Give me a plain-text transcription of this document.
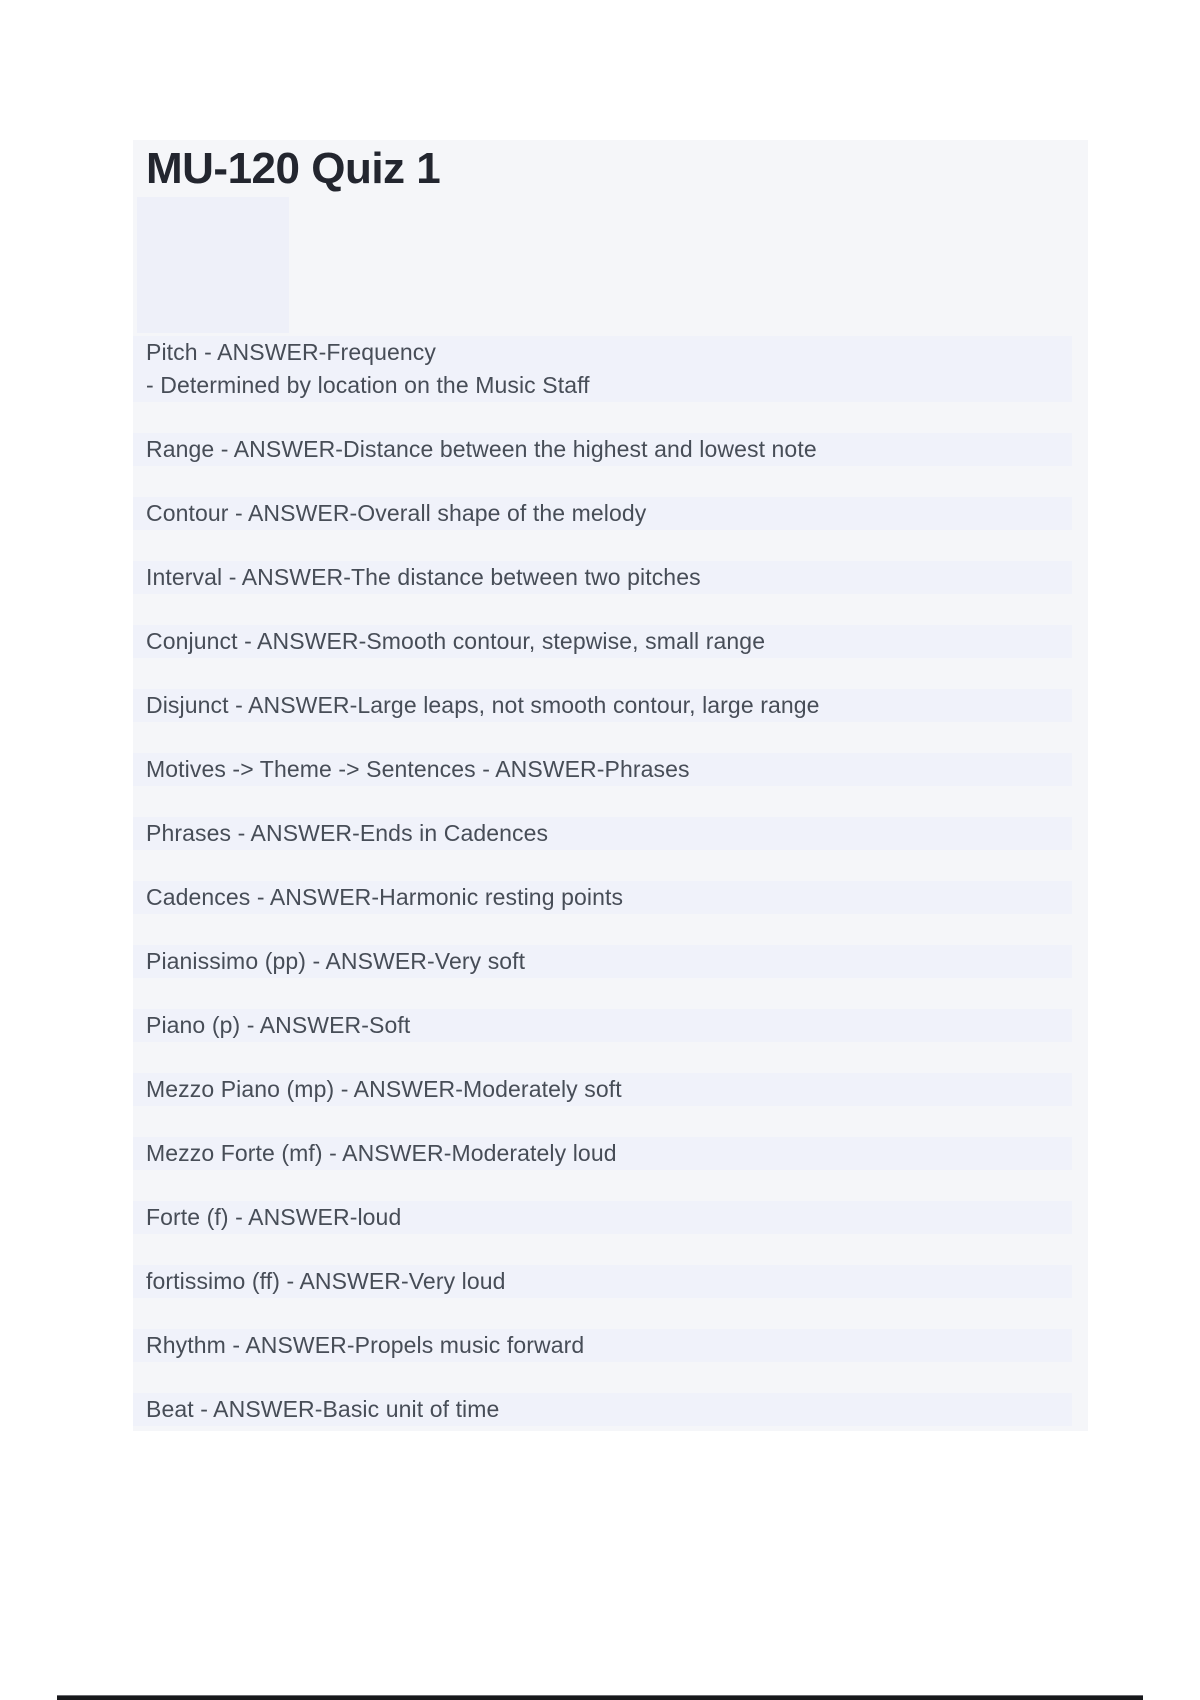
MU-120 Quiz 1
Pitch - ANSWER-Frequency
- Determined by location on the Music Staff
Range - ANSWER-Distance between the highest and lowest note
Contour - ANSWER-Overall shape of the melody
Interval - ANSWER-The distance between two pitches
Conjunct - ANSWER-Smooth contour, stepwise, small range
Disjunct - ANSWER-Large leaps, not smooth contour, large range
Motives -> Theme -> Sentences - ANSWER-Phrases
Phrases - ANSWER-Ends in Cadences
Cadences - ANSWER-Harmonic resting points
Pianissimo (pp) - ANSWER-Very soft
Piano (p) - ANSWER-Soft
Mezzo Piano (mp) - ANSWER-Moderately soft
Mezzo Forte (mf) - ANSWER-Moderately loud
Forte (f) - ANSWER-loud
fortissimo (ff) - ANSWER-Very loud
Rhythm - ANSWER-Propels music forward
Beat - ANSWER-Basic unit of time
